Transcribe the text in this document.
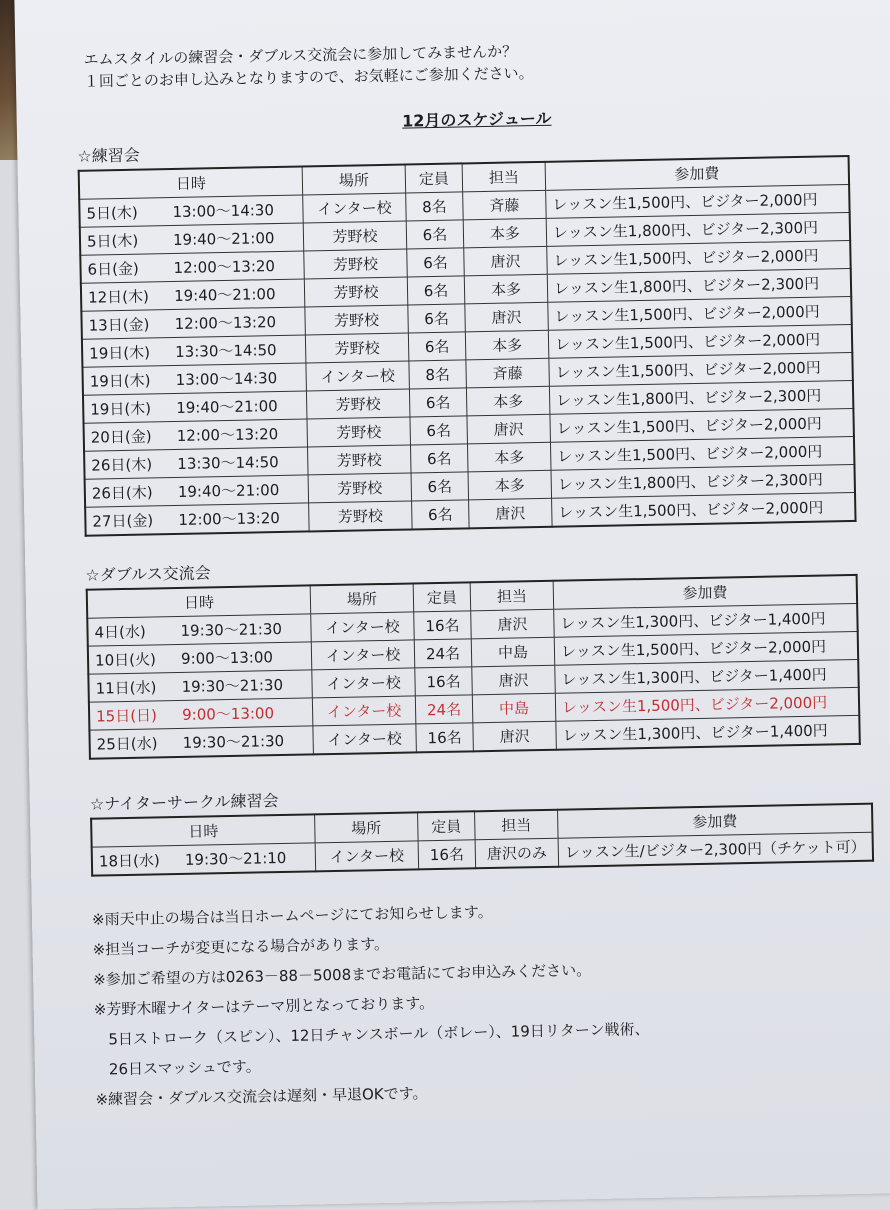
エムスタイルの練習会・ダブルス交流会に参加してみませんか？
１回ごとのお申し込みとなりますので、お気軽にご参加ください。
12月のスケジュール
☆練習会
日時	場所	定員	担当	参加費
5日(木) 13:00～14:30	インター校	8名	斉藤	レッスン生1,500円、ビジター2,000円
5日(木) 19:40～21:00	芳野校	6名	本多	レッスン生1,800円、ビジター2,300円
6日(金) 12:00～13:20	芳野校	6名	唐沢	レッスン生1,500円、ビジター2,000円
12日(木) 19:40～21:00	芳野校	6名	本多	レッスン生1,800円、ビジター2,300円
13日(金) 12:00～13:20	芳野校	6名	唐沢	レッスン生1,500円、ビジター2,000円
19日(木) 13:30～14:50	芳野校	6名	本多	レッスン生1,500円、ビジター2,000円
19日(木) 13:00～14:30	インター校	8名	斉藤	レッスン生1,500円、ビジター2,000円
19日(木) 19:40～21:00	芳野校	6名	本多	レッスン生1,800円、ビジター2,300円
20日(金) 12:00～13:20	芳野校	6名	唐沢	レッスン生1,500円、ビジター2,000円
26日(木) 13:30～14:50	芳野校	6名	本多	レッスン生1,500円、ビジター2,000円
26日(木) 19:40～21:00	芳野校	6名	本多	レッスン生1,800円、ビジター2,300円
27日(金) 12:00～13:20	芳野校	6名	唐沢	レッスン生1,500円、ビジター2,000円
☆ダブルス交流会
日時	場所	定員	担当	参加費
4日(水) 19:30～21:30	インター校	16名	唐沢	レッスン生1,300円、ビジター1,400円
10日(火) 9:00～13:00	インター校	24名	中島	レッスン生1,500円、ビジター2,000円
11日(水) 19:30～21:30	インター校	16名	唐沢	レッスン生1,300円、ビジター1,400円
15日(日) 9:00～13:00	インター校	24名	中島	レッスン生1,500円、ビジター2,000円
25日(水) 19:30～21:30	インター校	16名	唐沢	レッスン生1,300円、ビジター1,400円
☆ナイターサークル練習会
日時	場所	定員	担当	参加費
18日(水) 19:30～21:10	インター校	16名	唐沢のみ	レッスン生/ビジター2,300円（チケット可）
※雨天中止の場合は当日ホームページにてお知らせします。
※担当コーチが変更になる場合があります。
※参加ご希望の方は0263－88－5008までお電話にてお申込みください。
※芳野木曜ナイターはテーマ別となっております。
5日ストローク（スピン）、12日チャンスボール（ボレー）、19日リターン戦術、
26日スマッシュです。
※練習会・ダブルス交流会は遅刻・早退OKです。
